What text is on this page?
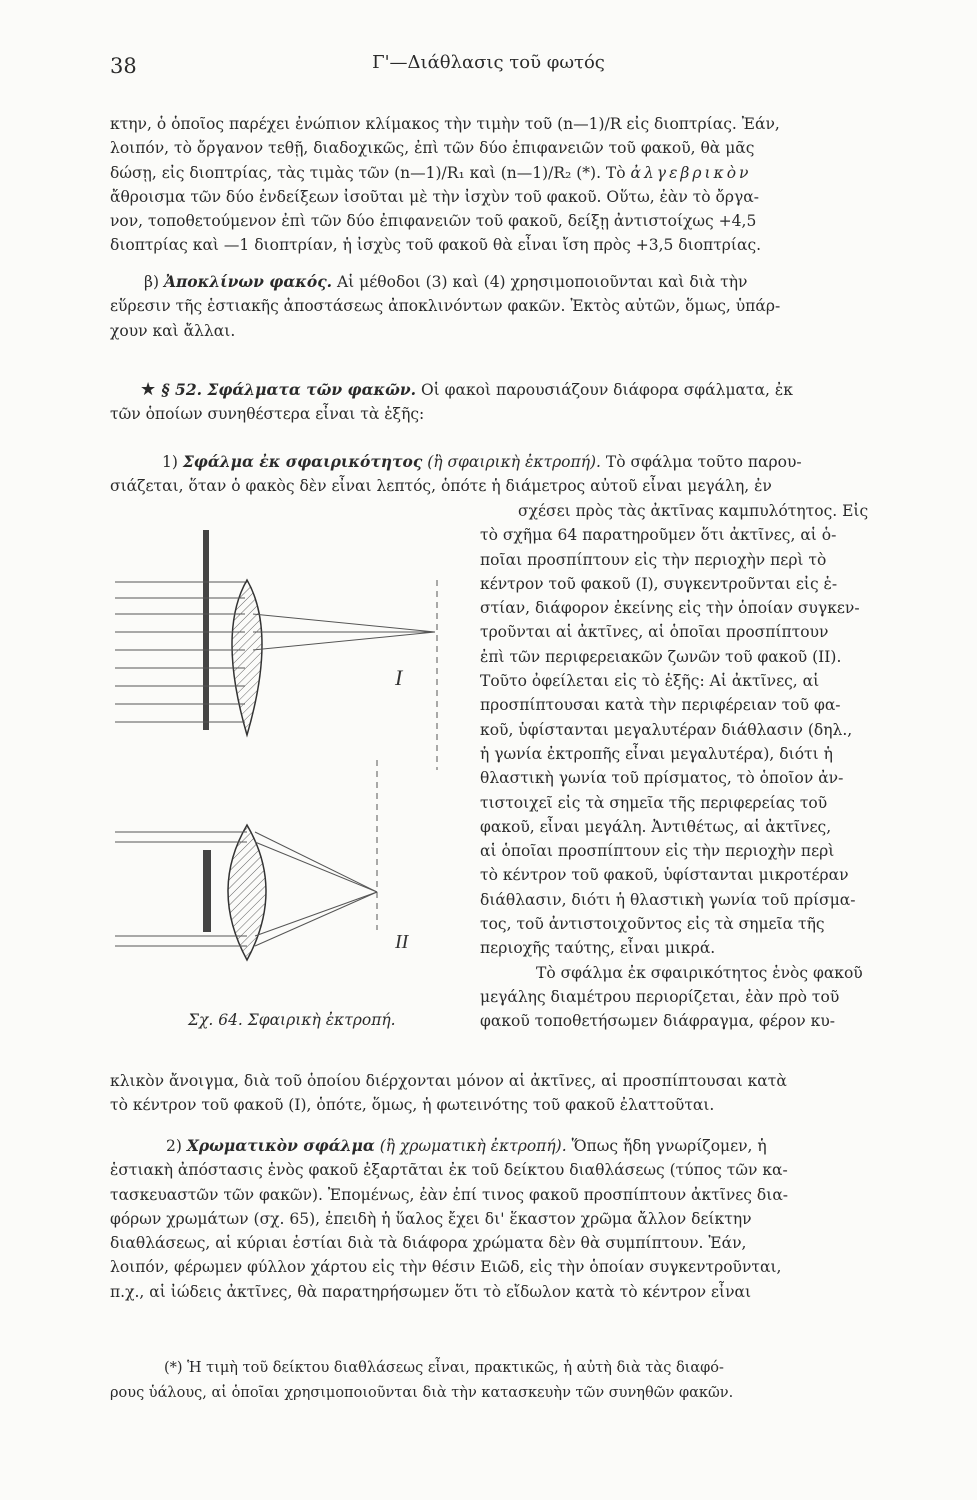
38	Γ'—Διάθλασις τοῦ φωτός
κτην, ὁ ὁποῖος παρέχει ἐνώπιον κλίμακος τὴν τιμὴν τοῦ (n—1)/R εἰς διοπτρίας. Ἐάν,
λοιπόν, τὸ ὄργανον τεθῇ, διαδοχικῶς, ἐπὶ τῶν δύο ἐπιφανειῶν τοῦ φακοῦ, θὰ μᾶς
δώσῃ, εἰς διοπτρίας, τὰς τιμὰς τῶν (n—1)/R₁ καὶ (n—1)/R₂ (*). Τὸ ἀλγεβρικὸν
ἄθροισμα τῶν δύο ἐνδείξεων ἰσοῦται μὲ τὴν ἰσχὺν τοῦ φακοῦ. Οὕτω, ἐὰν τὸ ὄργα-
νον, τοποθετούμενον ἐπὶ τῶν δύο ἐπιφανειῶν τοῦ φακοῦ, δείξῃ ἀντιστοίχως +4,5
διοπτρίας καὶ —1 διοπτρίαν, ἡ ἰσχὺς τοῦ φακοῦ θὰ εἶναι ἴση πρὸς +3,5 διοπτρίας.
β) Ἀποκλίνων φακός. Αἱ μέθοδοι (3) καὶ (4) χρησιμοποιοῦνται καὶ διὰ τὴν
εὕρεσιν τῆς ἑστιακῆς ἀποστάσεως ἀποκλινόντων φακῶν. Ἐκτὸς αὐτῶν, ὅμως, ὑπάρ-
χουν καὶ ἄλλαι.
★ § 52. Σφάλματα τῶν φακῶν. Οἱ φακοὶ παρουσιάζουν διάφορα σφάλματα, ἐκ
τῶν ὁποίων συνηθέστερα εἶναι τὰ ἑξῆς:
1) Σφάλμα ἐκ σφαιρικότητος (ἢ σφαιρικὴ ἐκτροπή). Τὸ σφάλμα τοῦτο παρου-
σιάζεται, ὅταν ὁ φακὸς δὲν εἶναι λεπτός, ὁπότε ἡ διάμετρος αὐτοῦ εἶναι μεγάλη, ἐν
σχέσει πρὸς τὰς ἀκτῖνας καμπυλότητος. Εἰς
τὸ σχῆμα 64 παρατηροῦμεν ὅτι ἀκτῖνες, αἱ ὁ-
ποῖαι προσπίπτουν εἰς τὴν περιοχὴν περὶ τὸ
κέντρον τοῦ φακοῦ (I), συγκεντροῦνται εἰς ἑ-
στίαν, διάφορον ἐκείνης εἰς τὴν ὁποίαν συγκεν-
τροῦνται αἱ ἀκτῖνες, αἱ ὁποῖαι προσπίπτουν
ἐπὶ τῶν περιφερειακῶν ζωνῶν τοῦ φακοῦ (II).
Τοῦτο ὀφείλεται εἰς τὸ ἑξῆς: Αἱ ἀκτῖνες, αἱ
προσπίπτουσαι κατὰ τὴν περιφέρειαν τοῦ φα-
κοῦ, ὑφίστανται μεγαλυτέραν διάθλασιν (δηλ.,
ἡ γωνία ἐκτροπῆς εἶναι μεγαλυτέρα), διότι ἡ
θλαστικὴ γωνία τοῦ πρίσματος, τὸ ὁποῖον ἀν-
τιστοιχεῖ εἰς τὰ σημεῖα τῆς περιφερείας τοῦ
φακοῦ, εἶναι μεγάλη. Ἀντιθέτως, αἱ ἀκτῖνες,
αἱ ὁποῖαι προσπίπτουν εἰς τὴν περιοχὴν περὶ
τὸ κέντρον τοῦ φακοῦ, ὑφίστανται μικροτέραν
διάθλασιν, διότι ἡ θλαστικὴ γωνία τοῦ πρίσμα-
τος, τοῦ ἀντιστοιχοῦντος εἰς τὰ σημεῖα τῆς
περιοχῆς ταύτης, εἶναι μικρά.
Τὸ σφάλμα ἐκ σφαιρικότητος ἑνὸς φακοῦ
μεγάλης διαμέτρου περιορίζεται, ἐὰν πρὸ τοῦ
φακοῦ τοποθετήσωμεν διάφραγμα, φέρον κυ-
I
II
Σχ. 64. Σφαιρικὴ ἐκτροπή.
κλικὸν ἄνοιγμα, διὰ τοῦ ὁποίου διέρχονται μόνον αἱ ἀκτῖνες, αἱ προσπίπτουσαι κατὰ
τὸ κέντρον τοῦ φακοῦ (I), ὁπότε, ὅμως, ἡ φωτεινότης τοῦ φακοῦ ἐλαττοῦται.
2) Χρωματικὸν σφάλμα (ἢ χρωματικὴ ἐκτροπή). Ὅπως ἤδη γνωρίζομεν, ἡ
ἑστιακὴ ἀπόστασις ἑνὸς φακοῦ ἐξαρτᾶται ἐκ τοῦ δείκτου διαθλάσεως (τύπος τῶν κα-
τασκευαστῶν τῶν φακῶν). Ἐπομένως, ἐὰν ἐπί τινος φακοῦ προσπίπτουν ἀκτῖνες δια-
φόρων χρωμάτων (σχ. 65), ἐπειδὴ ἡ ὕαλος ἔχει δι' ἕκαστον χρῶμα ἄλλον δείκτην
διαθλάσεως, αἱ κύριαι ἑστίαι διὰ τὰ διάφορα χρώματα δὲν θὰ συμπίπτουν. Ἐάν,
λοιπόν, φέρωμεν φύλλον χάρτου εἰς τὴν θέσιν Eιῶδ, εἰς τὴν ὁποίαν συγκεντροῦνται,
π.χ., αἱ ἰώδεις ἀκτῖνες, θὰ παρατηρήσωμεν ὅτι τὸ εἴδωλον κατὰ τὸ κέντρον εἶναι
(*) Ἡ τιμὴ τοῦ δείκτου διαθλάσεως εἶναι, πρακτικῶς, ἡ αὐτὴ διὰ τὰς διαφό-
ρους ὑάλους, αἱ ὁποῖαι χρησιμοποιοῦνται διὰ τὴν κατασκευὴν τῶν συνηθῶν φακῶν.
